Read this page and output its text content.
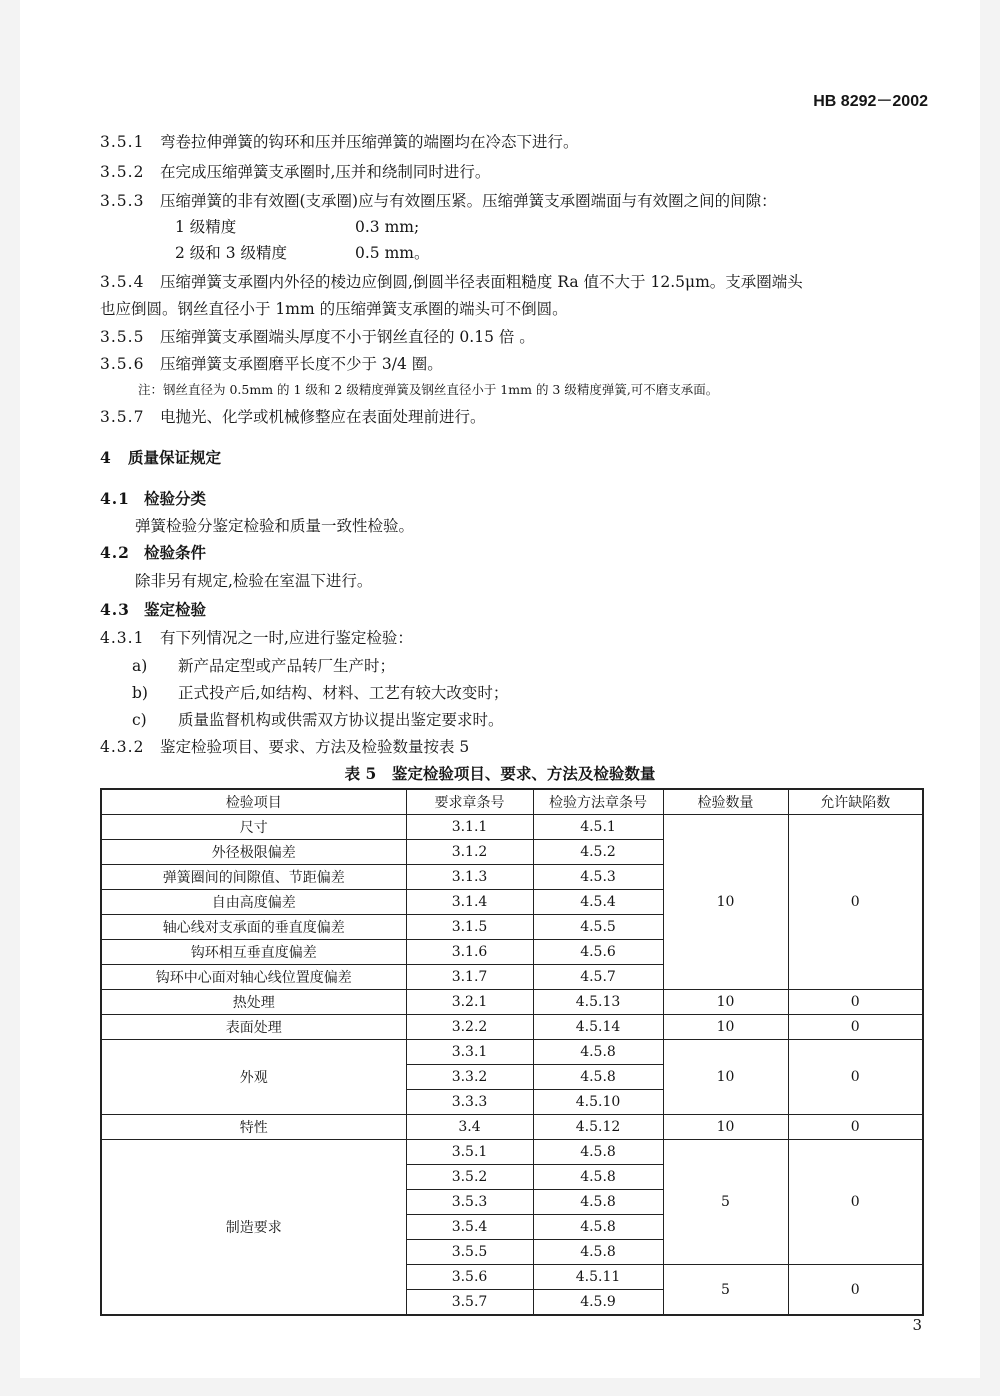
HB 8292－2002
3.5.1 弯卷拉伸弹簧的钩环和压并压缩弹簧的端圈均在冷态下进行。
3.5.2 在完成压缩弹簧支承圈时,压并和绕制同时进行。
3.5.3 压缩弹簧的非有效圈(支承圈)应与有效圈压紧。压缩弹簧支承圈端面与有效圈之间的间隙：
1 级精度	0.3 mm;
2 级和 3 级精度	0.5 mm。
3.5.4 压缩弹簧支承圈内外径的棱边应倒圆,倒圆半径表面粗糙度 Ra 值不大于 12.5μm。支承圈端头
也应倒圆。钢丝直径小于 1mm 的压缩弹簧支承圈的端头可不倒圆。
3.5.5 压缩弹簧支承圈端头厚度不小于钢丝直径的 0.15 倍 。
3.5.6 压缩弹簧支承圈磨平长度不少于 3/4 圈。
注：钢丝直径为 0.5mm 的 1 级和 2 级精度弹簧及钢丝直径小于 1mm 的 3 级精度弹簧,可不磨支承面。
3.5.7 电抛光、化学或机械修整应在表面处理前进行。
4 质量保证规定
4.1 检验分类
弹簧检验分鉴定检验和质量一致性检验。
4.2 检验条件
除非另有规定,检验在室温下进行。
4.3 鉴定检验
4.3.1 有下列情况之一时,应进行鉴定检验：
a) 新产品定型或产品转厂生产时；
b) 正式投产后,如结构、材料、工艺有较大改变时；
c) 质量监督机构或供需双方协议提出鉴定要求时。
4.3.2 鉴定检验项目、要求、方法及检验数量按表 5
表 5　鉴定检验项目、要求、方法及检验数量
检验项目	要求章条号	检验方法章条号	检验数量	允许缺陷数
尺寸	3.1.1	4.5.1	10	0
外径极限偏差	3.1.2	4.5.2		
弹簧圈间的间隙值、节距偏差	3.1.3	4.5.3		
自由高度偏差	3.1.4	4.5.4		
轴心线对支承面的垂直度偏差	3.1.5	4.5.5		
钩环相互垂直度偏差	3.1.6	4.5.6		
钩环中心面对轴心线位置度偏差	3.1.7	4.5.7		
热处理	3.2.1	4.5.13	10	0
表面处理	3.2.2	4.5.14	10	0
外观	3.3.1	4.5.8	10	0
	3.3.2	4.5.8		
	3.3.3	4.5.10		
特性	3.4	4.5.12	10	0
制造要求	3.5.1	4.5.8	5	0
	3.5.2	4.5.8		
	3.5.3	4.5.8		
	3.5.4	4.5.8		
	3.5.5	4.5.8		
	3.5.6	4.5.11	5	0
	3.5.7	4.5.9		
3
